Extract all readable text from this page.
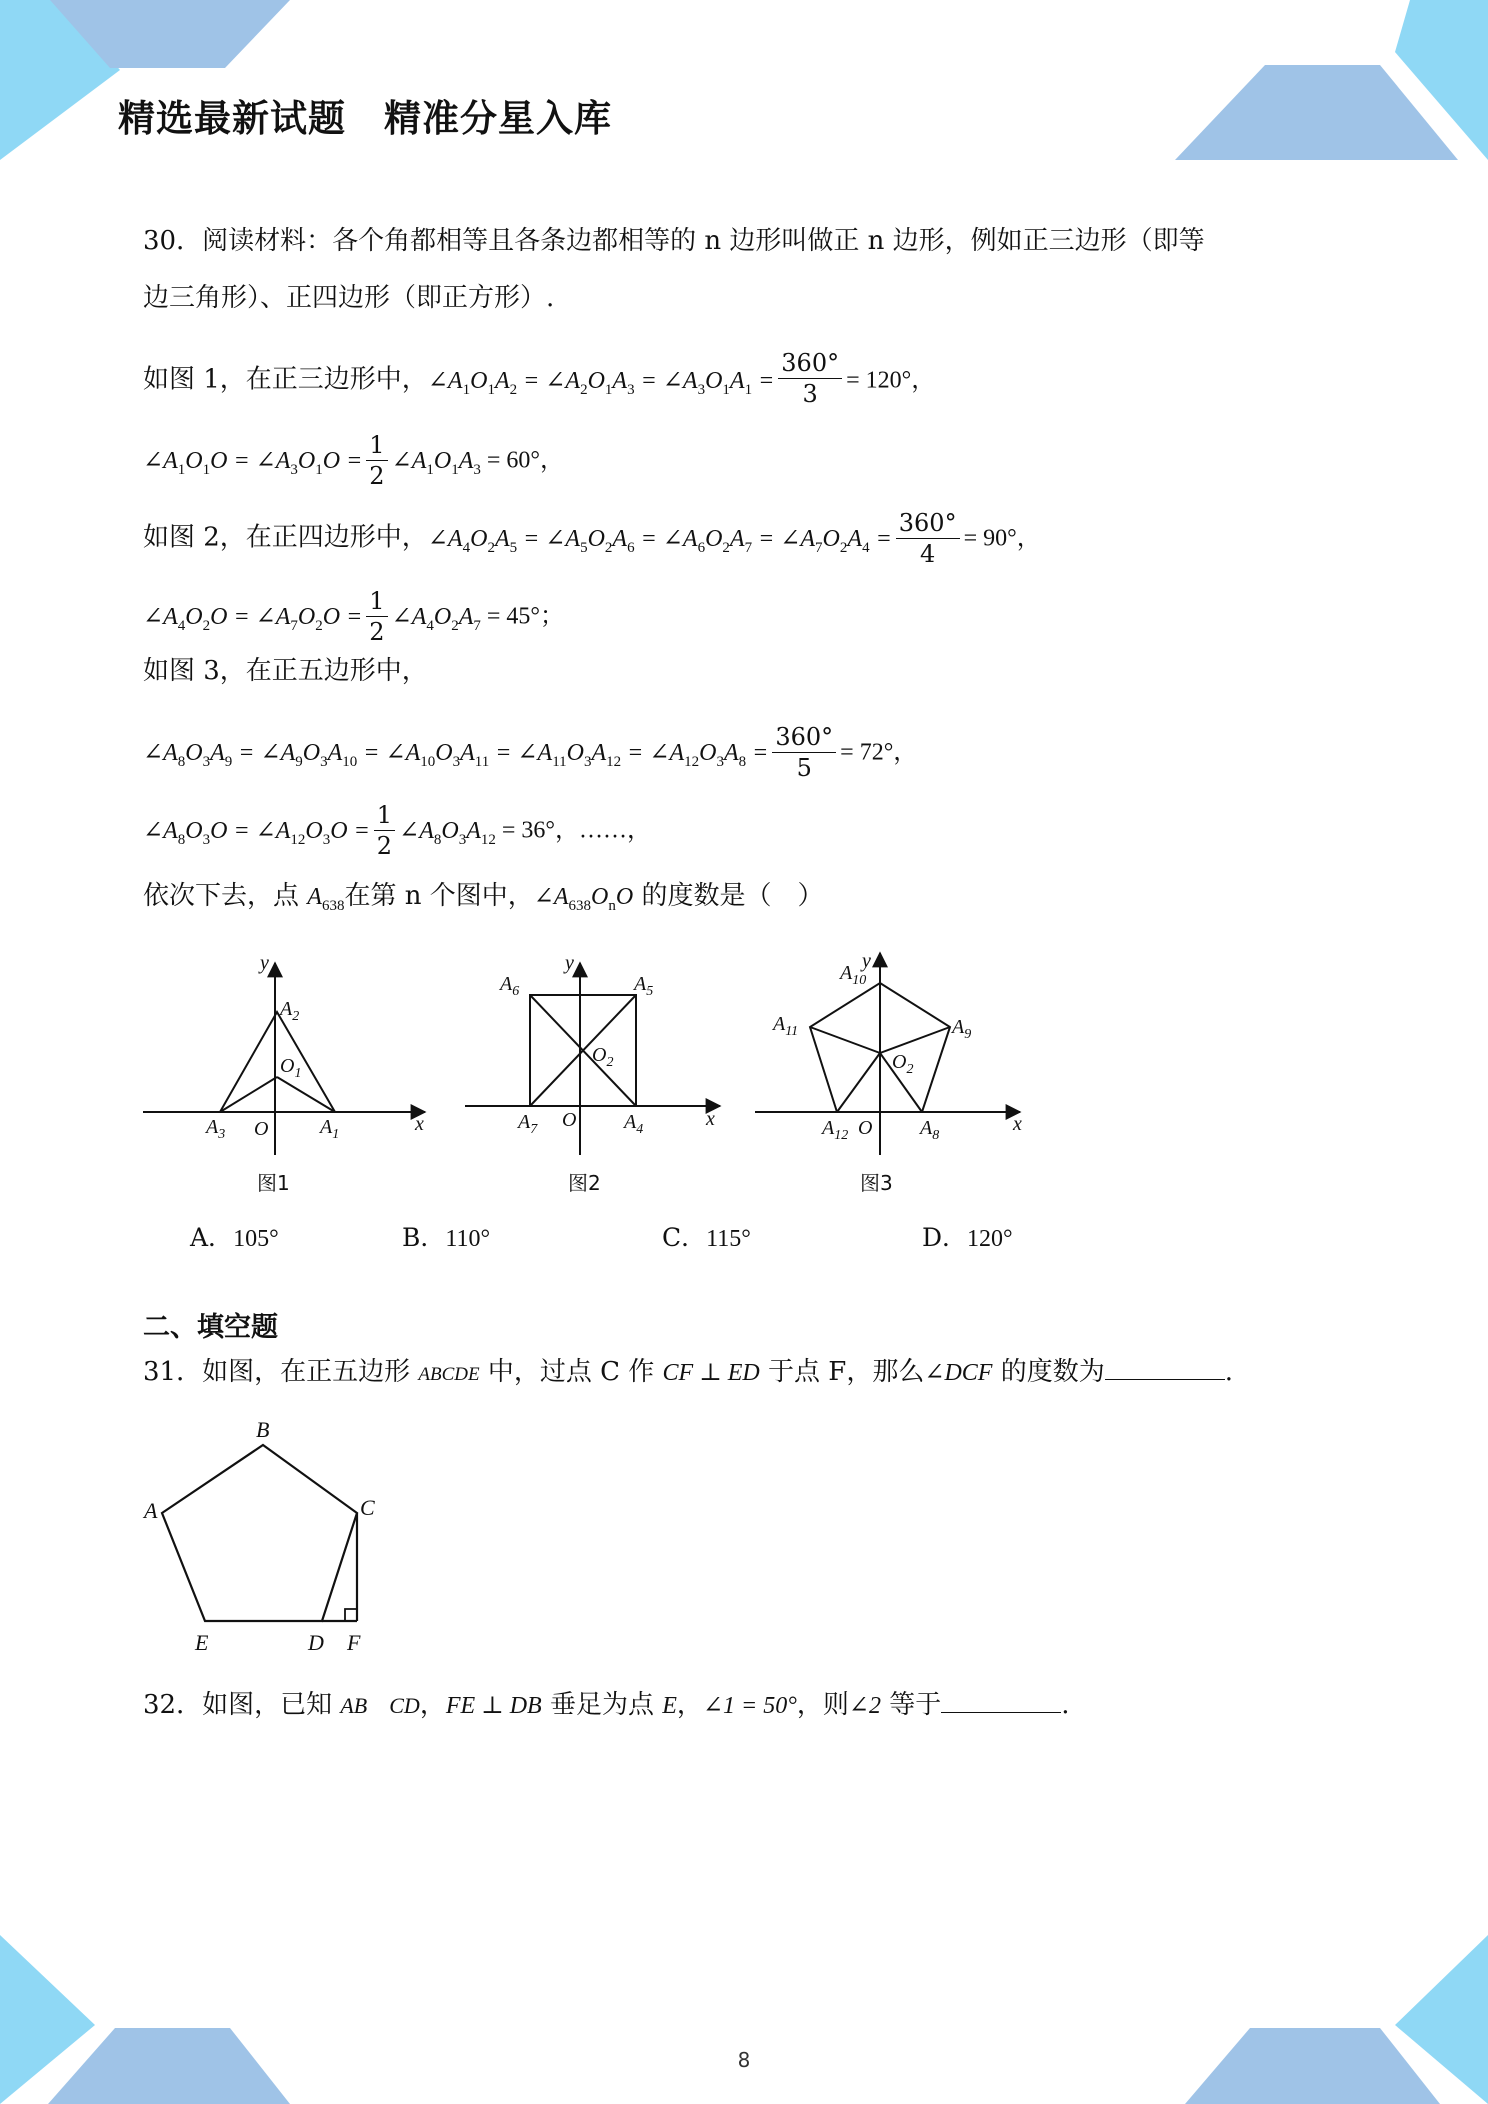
精选最新试题　精准分星入库
30．阅读材料：各个角都相等且各条边都相等的 n 边形叫做正 n 边形，例如正三边形（即等
边三角形）、正四边形（即正方形）.
如图 1，在正三边形中，$\angle A_1O_1A_2$ = $\angle A_2O_1A_3$ = $\angle A_3O_1A_1 = \frac{360^\circ}{3} = 120^\circ$，
$\angle A_1O_1O$ = $\angle A_3O_1O = \frac{1}{2}$ $\angle A_1O_1A_3 = 60^\circ$，
如图 2，在正四边形中，$\angle A_4O_2A_5$ = $\angle A_5O_2A_6$ = $\angle A_6O_2A_7$ = $\angle A_7O_2A_4 = \frac{360^\circ}{4} = 90^\circ$，
$\angle A_4O_2O$ = $\angle A_7O_2O = \frac{1}{2}$ $\angle A_4O_2A_7 = 45^\circ$；
如图 3，在正五边形中，
$\angle A_8O_3A_9$ = $\angle A_9O_3A_{10}$ = $\angle A_{10}O_3A_{11}$ = $\angle A_{11}O_3A_{12}$ = $\angle A_{12}O_3A_8 = \frac{360^\circ}{5} = 72^\circ$，
$\angle A_8O_3O$ = $\angle A_{12}O_3O = \frac{1}{2}$ $\angle A_8O_3A_{12} = 36^\circ$，……，
依次下去，点 $A_{638}$在第 n 个图中，$\angle A_{638}O_nO$ 的度数是（　）
y
$A_2$
$O_1$
$A_3$ O	$A_1$	x
图1
y
$A_6$	$A_5$
$O_2$
$A_7$ O $A_4$	x
图2
y
$A_{10}$
$A_{11}$	$A_9$
$O_2$
$A_{12}$ O $A_8$
x
图3
A．105°	B．110°	C．115°	D．120°
二、填空题
31．如图，在正五边形 ABCDE 中，过点 C 作 CF ⊥ ED 于点 F，那么∠DCF 的度数为	.
B
A	C
E	D F
32．如图，已知 AB　CD，FE ⊥ DB 垂足为点 E，∠1 = 50°，则∠2 等于	.
8
